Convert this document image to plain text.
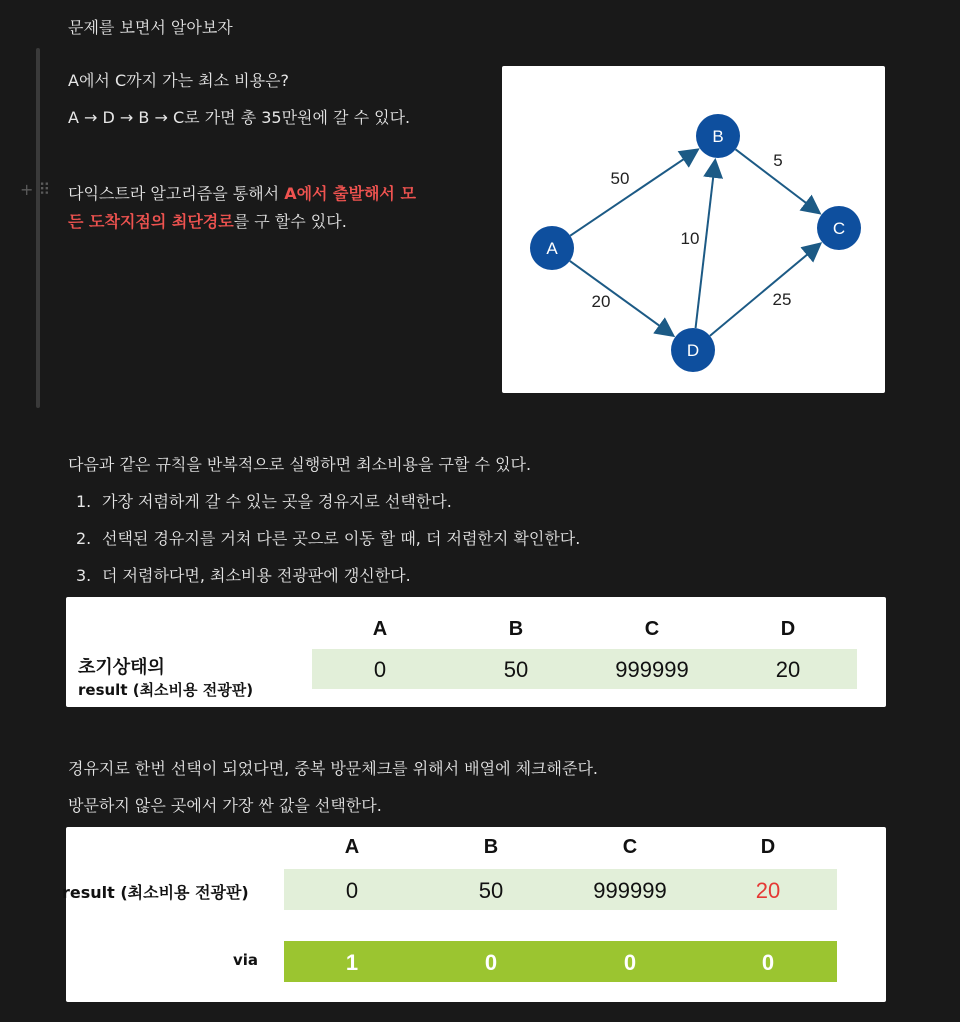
문제를 보면서 알아보자
+ ⠿
A에서 C까지 가는 최소 비용은?
A → D → B → C로 가면 총 35만원에 갈 수 있다.
다익스트라 알고리즘을 통해서 A에서 출발해서 모
든 도착지점의 최단경로를 구 할수 있다.
50
20
10
5
25
A
B
C
D
다음과 같은 규칙을 반복적으로 실행하면 최소비용을 구할 수 있다.
1. 가장 저렴하게 갈 수 있는 곳을 경유지로 선택한다.
2. 선택된 경유지를 거쳐 다른 곳으로 이동 할 때, 더 저렴한지 확인한다.
3. 더 저렴하다면, 최소비용 전광판에 갱신한다.
A	B	C	D
초기상태의
result (최소비용 전광판)
0	50	999999	20
경유지로 한번 선택이 되었다면, 중복 방문체크를 위해서 배열에 체크해준다.
방문하지 않은 곳에서 가장 싼 값을 선택한다.
A	B	C	D
result (최소비용 전광판)	0	50	999999	20
via	1	0	0	0
